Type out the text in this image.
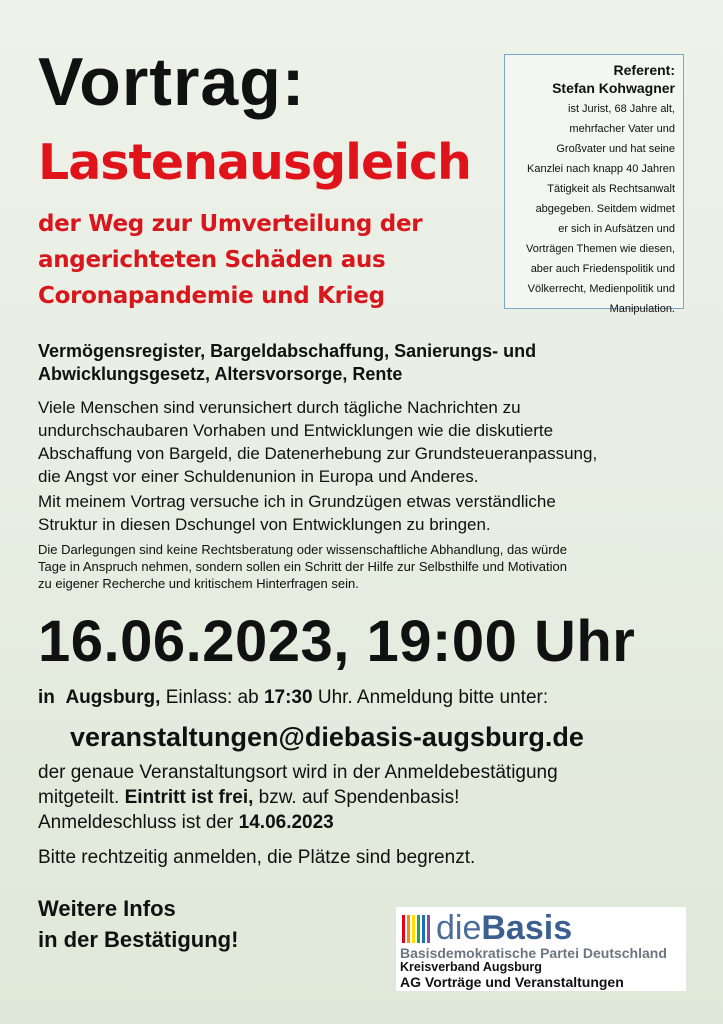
Vortrag:
Lastenausgleich
der Weg zur Umverteilung der
angerichteten Schäden aus
Coronapandemie und Krieg
Referent:
Stefan Kohwagner
ist Jurist, 68 Jahre alt,
mehrfacher Vater und
Großvater und hat seine
Kanzlei nach knapp 40 Jahren
Tätigkeit als Rechtsanwalt
abgegeben. Seitdem widmet
er sich in Aufsätzen und
Vorträgen Themen wie diesen,
aber auch Friedenspolitik und
Völkerrecht, Medienpolitik und
Manipulation.
Vermögensregister, Bargeldabschaffung, Sanierungs- und
Abwicklungsgesetz, Altersvorsorge, Rente
Viele Menschen sind verunsichert durch tägliche Nachrichten zu
undurchschaubaren Vorhaben und Entwicklungen wie die diskutierte
Abschaffung von Bargeld, die Datenerhebung zur Grundsteueranpassung,
die Angst vor einer Schuldenunion in Europa und Anderes.
Mit meinem Vortrag versuche ich in Grundzügen etwas verständliche
Struktur in diesen Dschungel von Entwicklungen zu bringen.
Die Darlegungen sind keine Rechtsberatung oder wissenschaftliche Abhandlung, das würde
Tage in Anspruch nehmen, sondern sollen ein Schritt der Hilfe zur Selbsthilfe und Motivation
zu eigener Recherche und kritischem Hinterfragen sein.
16.06.2023, 19:00 Uhr
in Augsburg, Einlass: ab 17:30 Uhr. Anmeldung bitte unter:
veranstaltungen@diebasis-augsburg.de
der genaue Veranstaltungsort wird in der Anmeldebestätigung
mitgeteilt. Eintritt ist frei, bzw. auf Spendenbasis!
Anmeldeschluss ist der 14.06.2023
Bitte rechtzeitig anmelden, die Plätze sind begrenzt.
Weitere Infos
in der Bestätigung!	dieBasis
Basisdemokratische Partei Deutschland
Kreisverband Augsburg
AG Vorträge und Veranstaltungen
